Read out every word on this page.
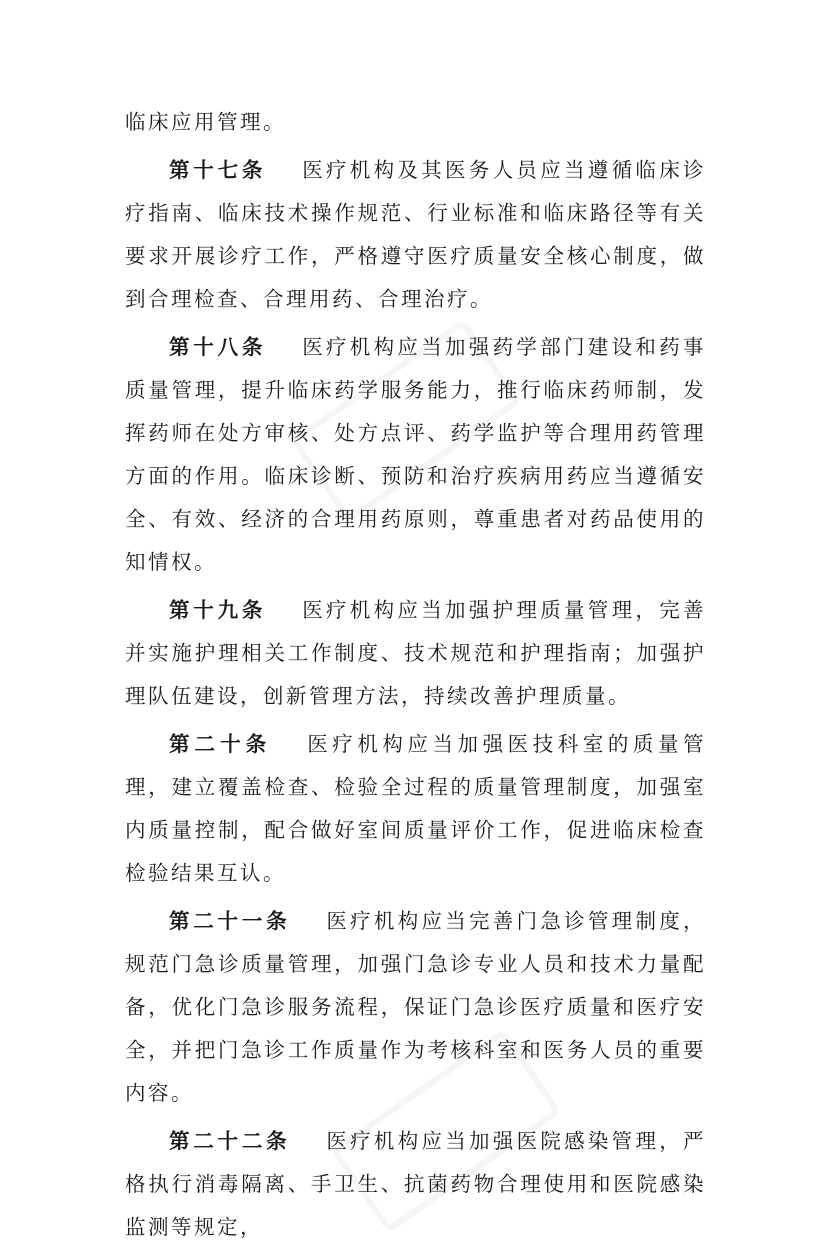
临床应用管理。

第十七条 医疗机构及其医务人员应当遵循临床诊疗指南、临床技术操作规范、行业标准和临床路径等有关要求开展诊疗工作，严格遵守医疗质量安全核心制度，做到合理检查、合理用药、合理治疗。

第十八条 医疗机构应当加强药学部门建设和药事质量管理，提升临床药学服务能力，推行临床药师制，发挥药师在处方审核、处方点评、药学监护等合理用药管理方面的作用。临床诊断、预防和治疗疾病用药应当遵循安全、有效、经济的合理用药原则，尊重患者对药品使用的知情权。

第十九条 医疗机构应当加强护理质量管理，完善并实施护理相关工作制度、技术规范和护理指南；加强护理队伍建设，创新管理方法，持续改善护理质量。

第二十条 医疗机构应当加强医技科室的质量管理，建立覆盖检查、检验全过程的质量管理制度，加强室内质量控制，配合做好室间质量评价工作，促进临床检查检验结果互认。

第二十一条 医疗机构应当完善门急诊管理制度，规范门急诊质量管理，加强门急诊专业人员和技术力量配备，优化门急诊服务流程，保证门急诊医疗质量和医疗安全，并把门急诊工作质量作为考核科室和医务人员的重要内容。

第二十二条 医疗机构应当加强医院感染管理，严格执行消毒隔离、手卫生、抗菌药物合理使用和医院感染监测等规定，
